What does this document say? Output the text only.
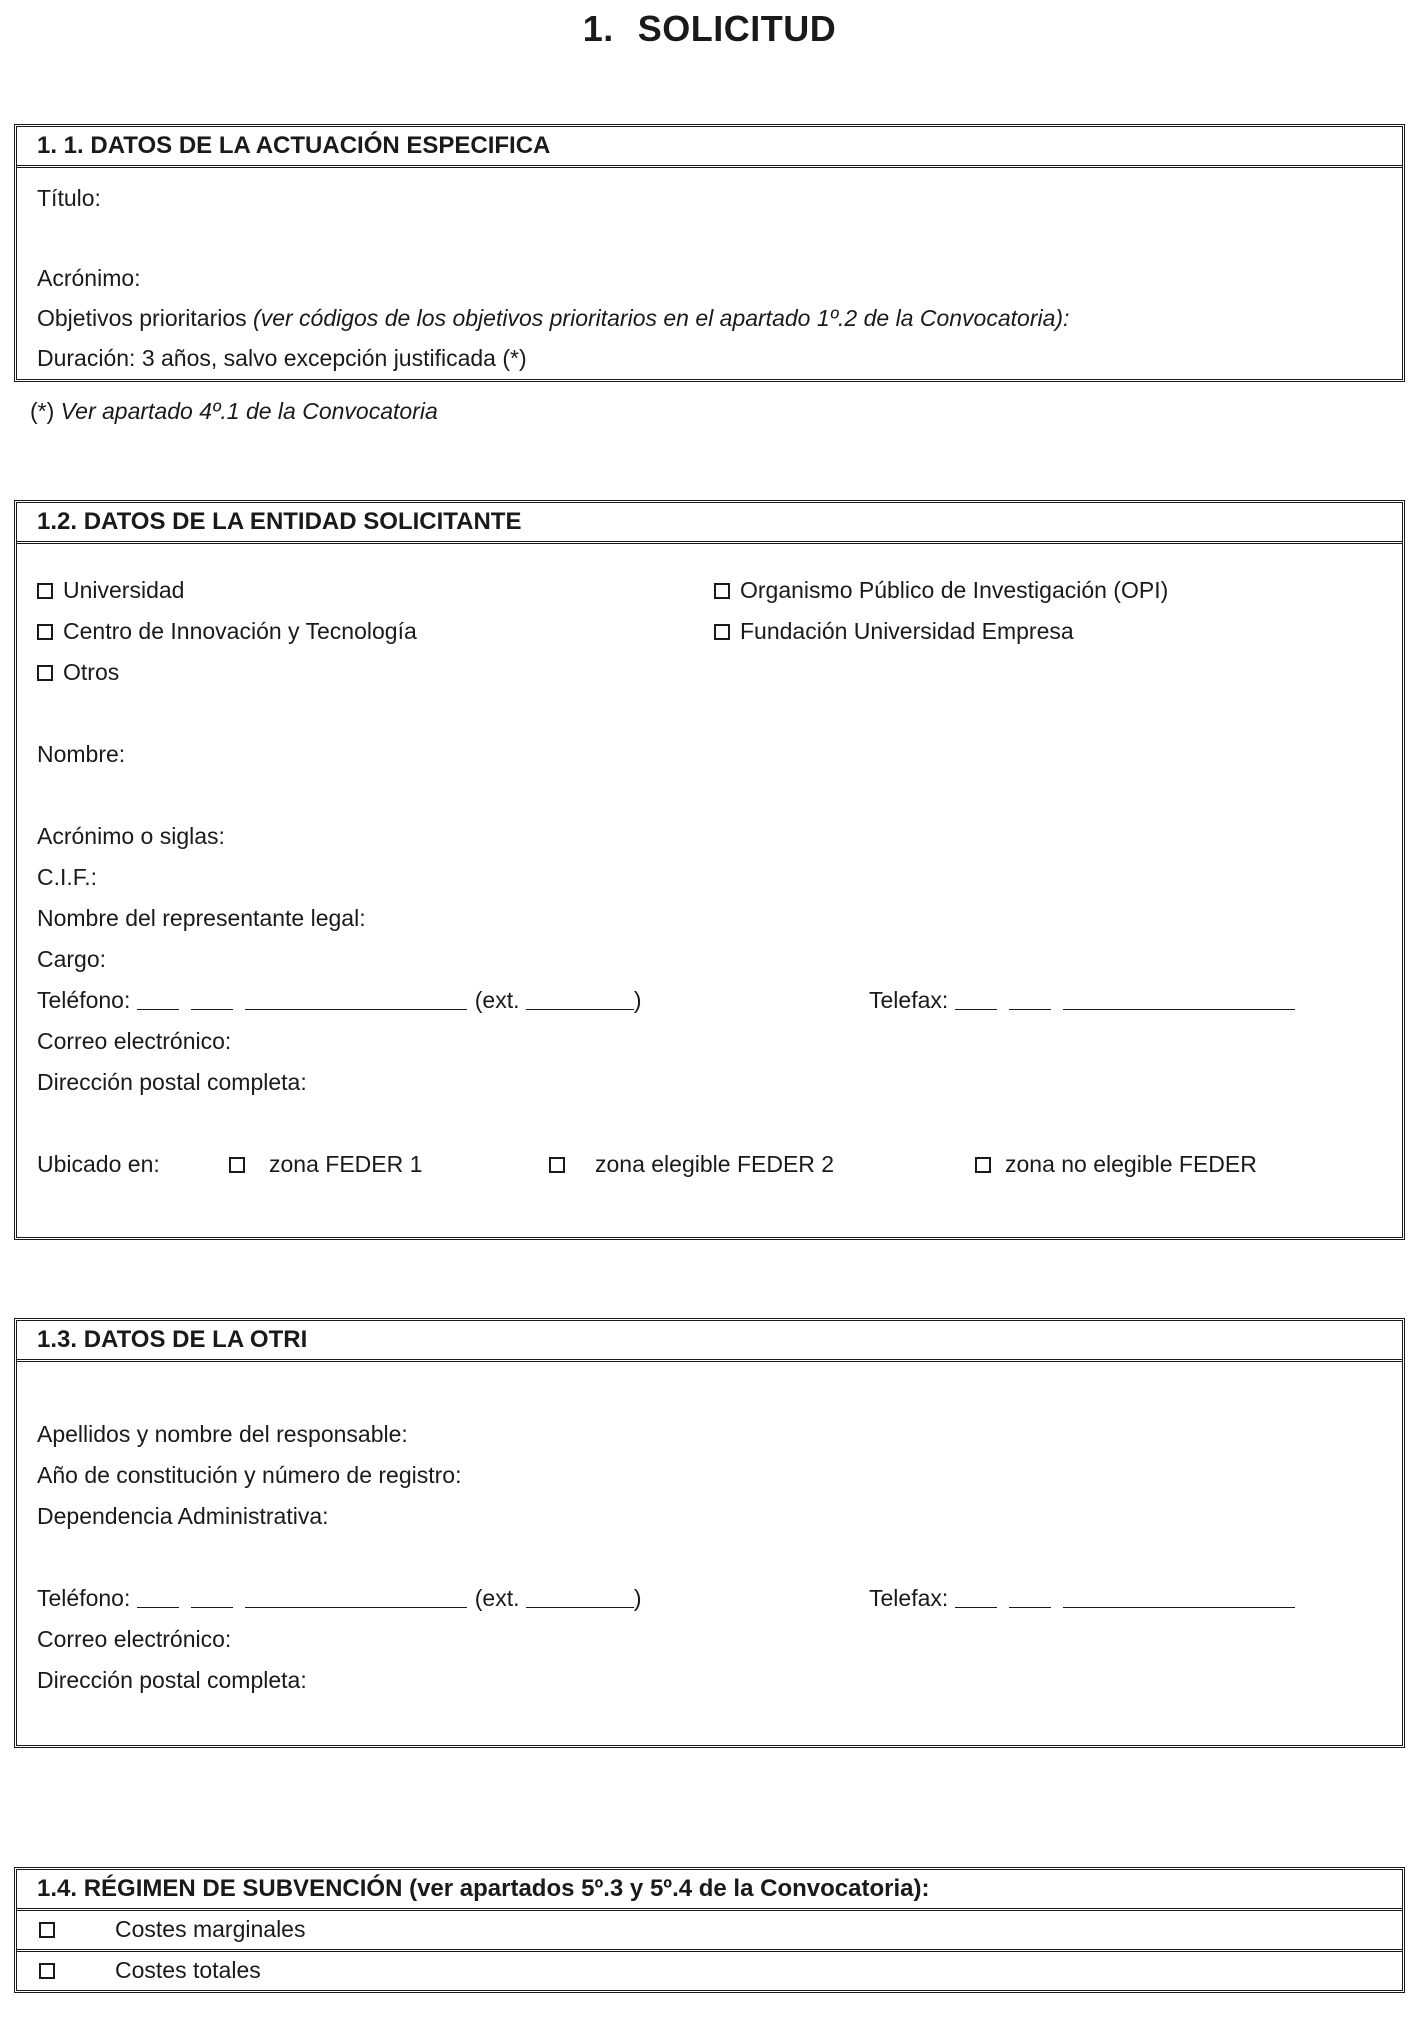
1. SOLICITUD
1. 1. DATOS DE LA ACTUACIÓN ESPECIFICA
Título:
Acrónimo:
Objetivos prioritarios (ver códigos de los objetivos prioritarios en el apartado 1º.2 de la Convocatoria):
Duración: 3 años, salvo excepción justificada (*)
(*) Ver apartado 4º.1 de la Convocatoria
1.2. DATOS DE LA ENTIDAD SOLICITANTE
Universidad	Organismo Público de Investigación (OPI)
Centro de Innovación y Tecnología	Fundación Universidad Empresa
Otros
Nombre:
Acrónimo o siglas:
C.I.F.:
Nombre del representante legal:
Cargo:
Teléfono:	(ext.	)	Telefax:
Correo electrónico:
Dirección postal completa:
Ubicado en:	zona FEDER 1	zona elegible FEDER 2	zona no elegible FEDER
1.3. DATOS DE LA OTRI
Apellidos y nombre del responsable:
Año de constitución y número de registro:
Dependencia Administrativa:
Teléfono:	(ext.	)	Telefax:
Correo electrónico:
Dirección postal completa:
1.4. RÉGIMEN DE SUBVENCIÓN (ver apartados 5º.3 y 5º.4 de la Convocatoria):
Costes marginales
Costes totales
